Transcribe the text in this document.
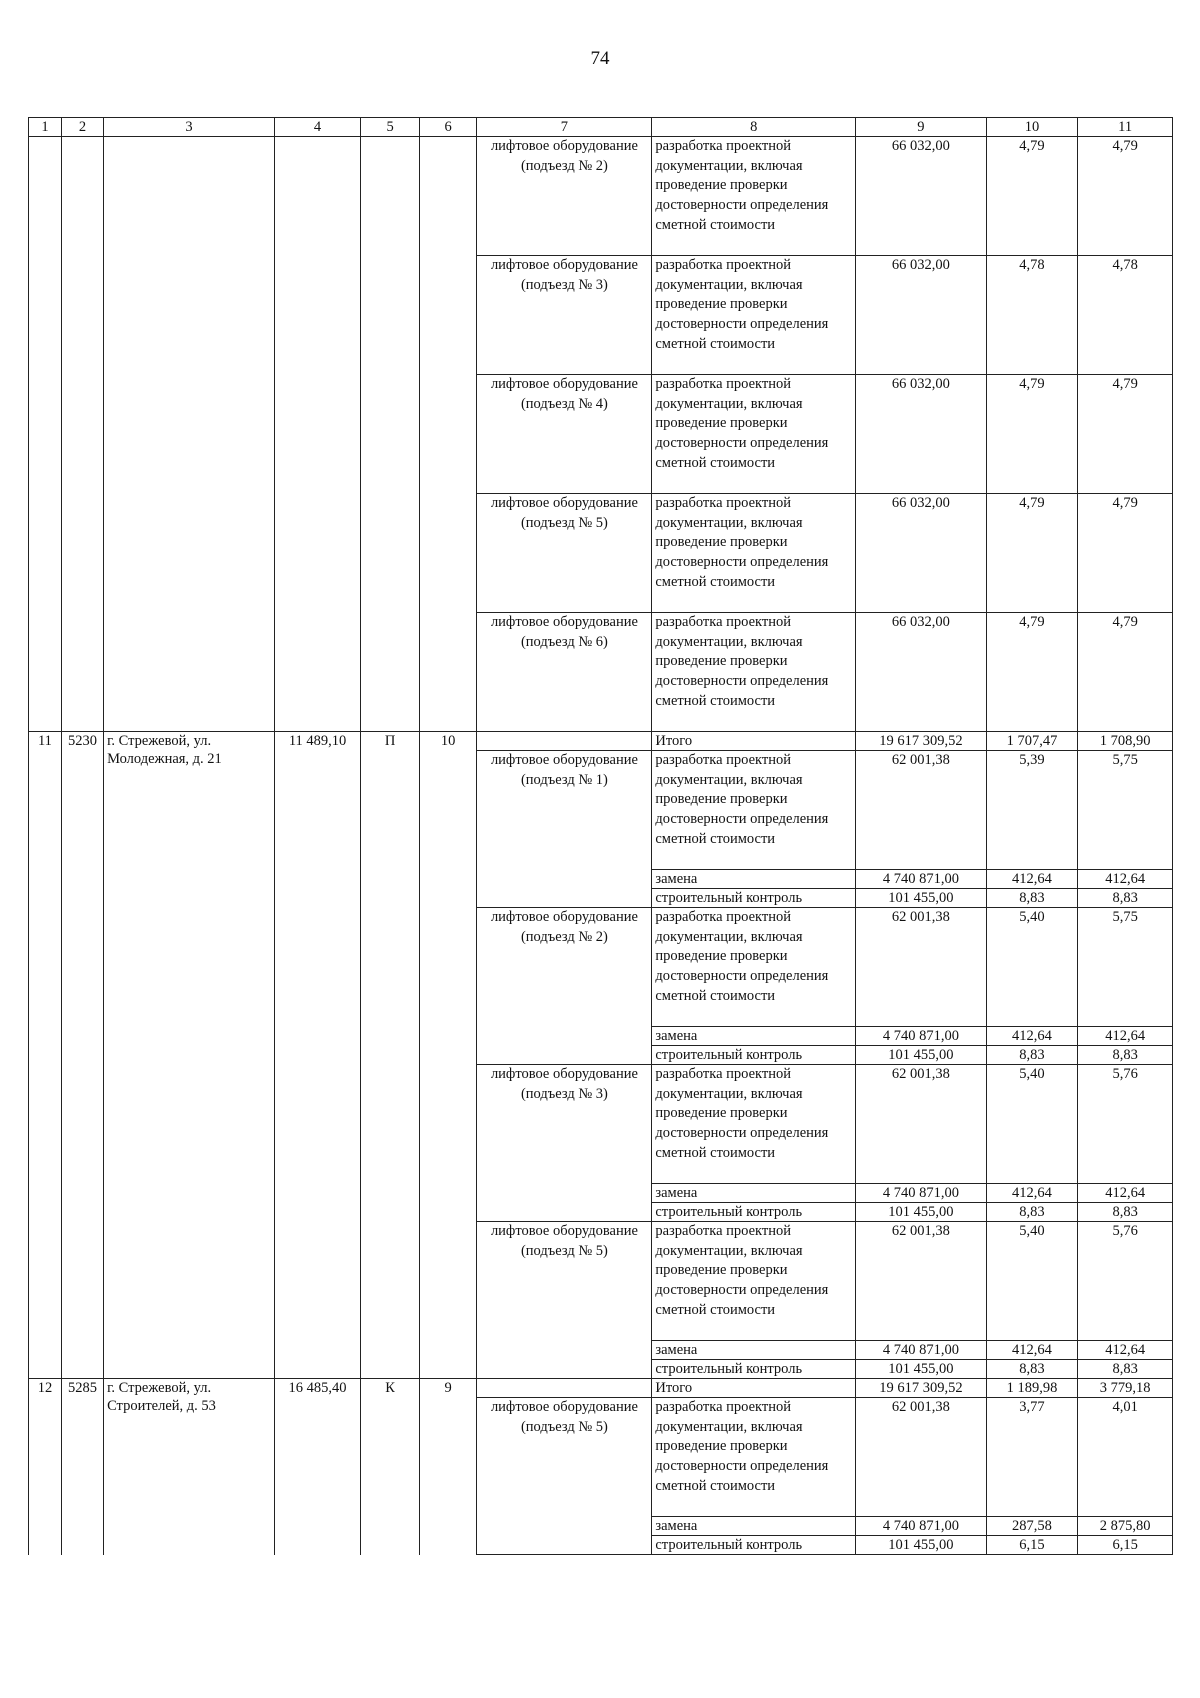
74
1	2	3	4	5	6	7	8	9	10	11
						лифтовое оборудование (подъезд № 2)	разработка проектной документации, включая проведение проверки достоверности определения сметной стоимости	66 032,00	4,79	4,79
						лифтовое оборудование (подъезд № 3)	разработка проектной документации, включая проведение проверки достоверности определения сметной стоимости	66 032,00	4,78	4,78
						лифтовое оборудование (подъезд № 4)	разработка проектной документации, включая проведение проверки достоверности определения сметной стоимости	66 032,00	4,79	4,79
						лифтовое оборудование (подъезд № 5)	разработка проектной документации, включая проведение проверки достоверности определения сметной стоимости	66 032,00	4,79	4,79
						лифтовое оборудование (подъезд № 6)	разработка проектной документации, включая проведение проверки достоверности определения сметной стоимости	66 032,00	4,79	4,79
11	5230	г. Стрежевой, ул. Молодежная, д. 21	11 489,10	П	10		Итого	19 617 309,52	1 707,47	1 708,90
						лифтовое оборудование (подъезд № 1)	разработка проектной документации, включая проведение проверки достоверности определения сметной стоимости	62 001,38	5,39	5,75
							замена	4 740 871,00	412,64	412,64
							строительный контроль	101 455,00	8,83	8,83
						лифтовое оборудование (подъезд № 2)	разработка проектной документации, включая проведение проверки достоверности определения сметной стоимости	62 001,38	5,40	5,75
							замена	4 740 871,00	412,64	412,64
							строительный контроль	101 455,00	8,83	8,83
						лифтовое оборудование (подъезд № 3)	разработка проектной документации, включая проведение проверки достоверности определения сметной стоимости	62 001,38	5,40	5,76
							замена	4 740 871,00	412,64	412,64
							строительный контроль	101 455,00	8,83	8,83
						лифтовое оборудование (подъезд № 5)	разработка проектной документации, включая проведение проверки достоверности определения сметной стоимости	62 001,38	5,40	5,76
							замена	4 740 871,00	412,64	412,64
							строительный контроль	101 455,00	8,83	8,83
12	5285	г. Стрежевой, ул. Строителей, д. 53	16 485,40	К	9		Итого	19 617 309,52	1 189,98	3 779,18
						лифтовое оборудование (подъезд № 5)	разработка проектной документации, включая проведение проверки достоверности определения сметной стоимости	62 001,38	3,77	4,01
							замена	4 740 871,00	287,58	2 875,80
							строительный контроль	101 455,00	6,15	6,15
